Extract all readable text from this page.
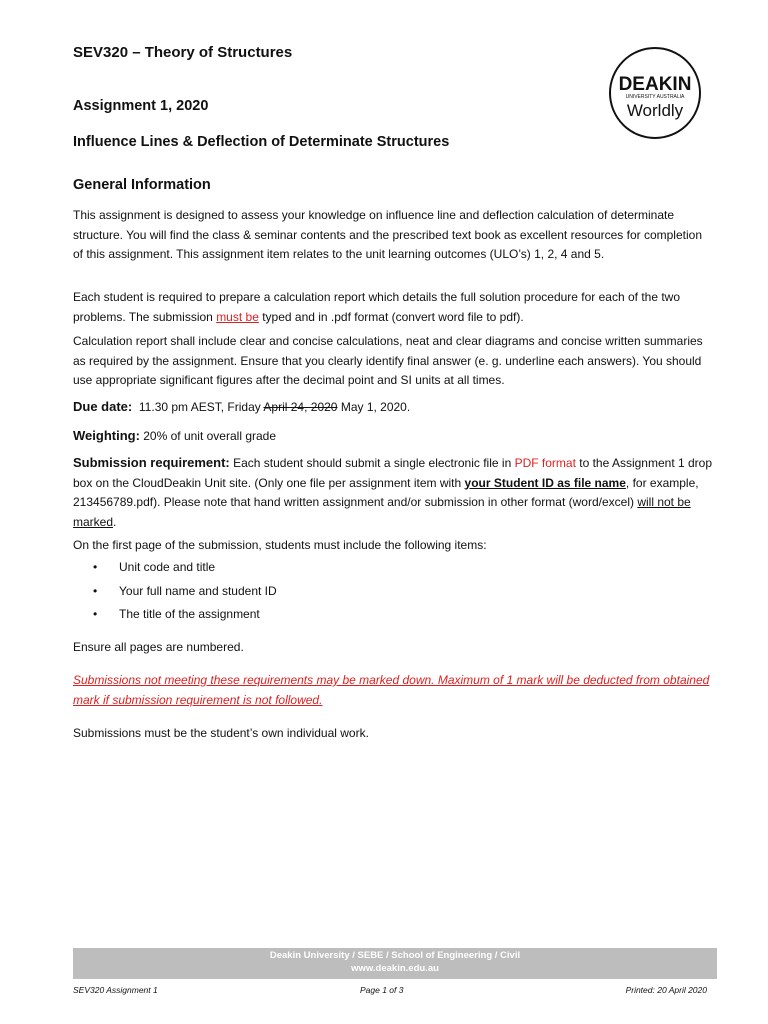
SEV320 – Theory of Structures
Assignment 1, 2020
Influence Lines & Deflection of Determinate Structures
General Information
DEAKIN
UNIVERSITY AUSTRALIA
Worldly
This assignment is designed to assess your knowledge on influence line and deflection calculation of determinate structure. You will find the class & seminar contents and the prescribed text book as excellent resources for completion of this assignment. This assignment item relates to the unit learning outcomes (ULO’s) 1, 2, 4 and 5.
Each student is required to prepare a calculation report which details the full solution procedure for each of the two problems. The submission must be typed and in .pdf format (convert word file to pdf).
Calculation report shall include clear and concise calculations, neat and clear diagrams and concise written summaries as required by the assignment. Ensure that you clearly identify final answer (e. g. underline each answers). You should use appropriate significant figures after the decimal point and SI units at all times.
Due date:  11.30 pm AEST, Friday April 24, 2020 May 1, 2020.
Weighting: 20% of unit overall grade
Submission requirement: Each student should submit a single electronic file in PDF format to the Assignment 1 drop box on the CloudDeakin Unit site. (Only one file per assignment item with your Student ID as file name, for example, 213456789.pdf). Please note that hand written assignment and/or submission in other format (word/excel) will not be marked.
On the first page of the submission, students must include the following items:
•	Unit code and title
•	Your full name and student ID
•	The title of the assignment
Ensure all pages are numbered.
Submissions not meeting these requirements may be marked down. Maximum of 1 mark will be deducted from obtained mark if submission requirement is not followed.
Submissions must be the student’s own individual work.
Deakin University / SEBE / School of Engineering / Civil
www.deakin.edu.au
SEV320 Assignment 1	Page 1 of 3	Printed: 20 April 2020
